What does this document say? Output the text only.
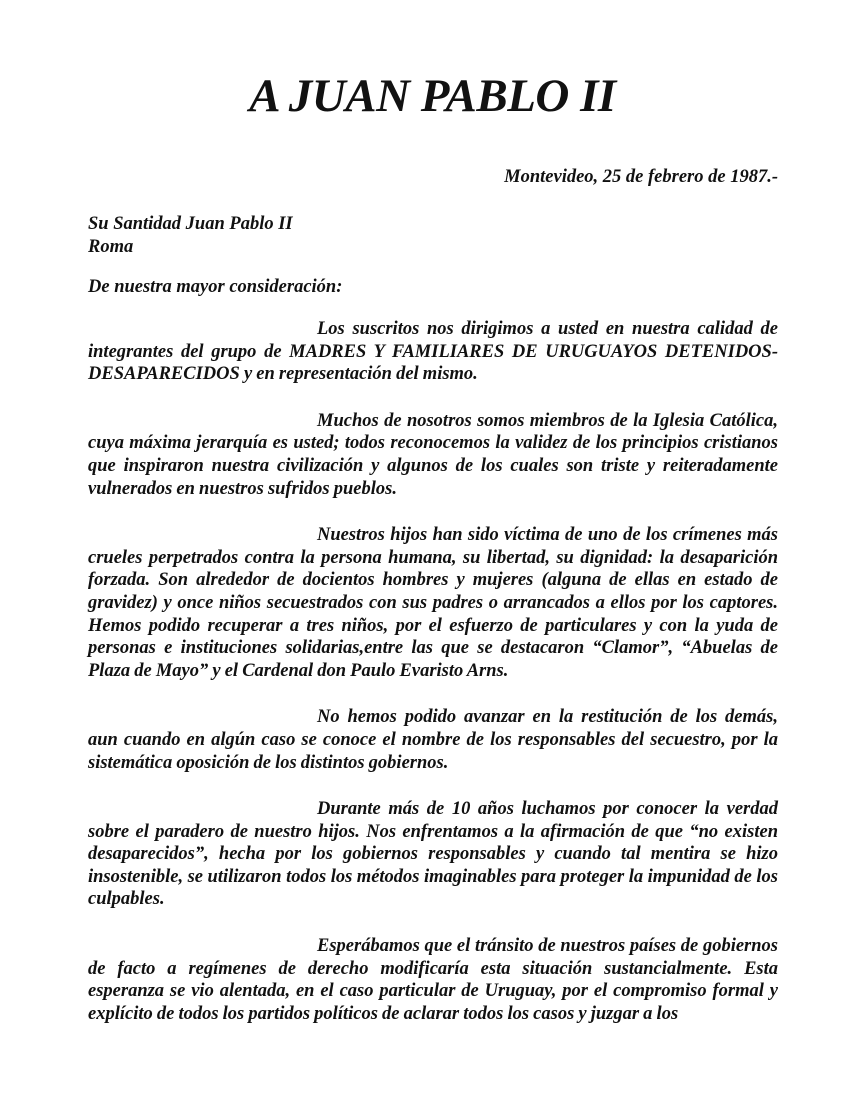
A JUAN PABLO II

Montevideo, 25 de febrero de 1987.-

Su Santidad Juan Pablo II
Roma

De nuestra mayor consideración:

Los suscritos nos dirigimos a usted en nuestra calidad de integrantes del grupo de MADRES Y FAMILIARES DE URUGUAYOS DETENIDOS-DESAPARECIDOS y en representación del mismo.

Muchos de nosotros somos miembros de la Iglesia Católica, cuya máxima jerarquía es usted; todos reconocemos la validez de los principios cristianos que inspiraron nuestra civilización y algunos de los cuales son triste y reiteradamente vulnerados en nuestros sufridos pueblos.

Nuestros hijos han sido víctima de uno de los crímenes más crueles perpetrados contra la persona humana, su libertad, su dignidad: la desaparición forzada. Son alrededor de docientos hombres y mujeres (alguna de ellas en estado de gravidez) y once niños secuestrados con sus padres o arrancados a ellos por los captores. Hemos podido recuperar a tres niños, por el esfuerzo de particulares y con la yuda de personas e instituciones solidarias,entre las que se destacaron “Clamor”, “Abuelas de Plaza de Mayo” y el Cardenal don Paulo Evaristo Arns.

No hemos podido avanzar en la restitución de los demás, aun cuando en algún caso se conoce el nombre de los responsables del secuestro, por la sistemática oposición de los distintos gobiernos.

Durante más de 10 años luchamos por conocer la verdad sobre el paradero de nuestro hijos. Nos enfrentamos a la afirmación de que “no existen desaparecidos”, hecha por los gobiernos responsables y cuando tal mentira se hizo insostenible, se utilizaron todos los métodos imaginables para proteger la impunidad de los culpables.

Esperábamos que el tránsito de nuestros países de gobiernos de facto a regímenes de derecho modificaría esta situación sustancialmente. Esta esperanza se vio alentada, en el caso particular de Uruguay, por el compromiso formal y explícito de todos los partidos políticos de aclarar todos los casos y juzgar a los
